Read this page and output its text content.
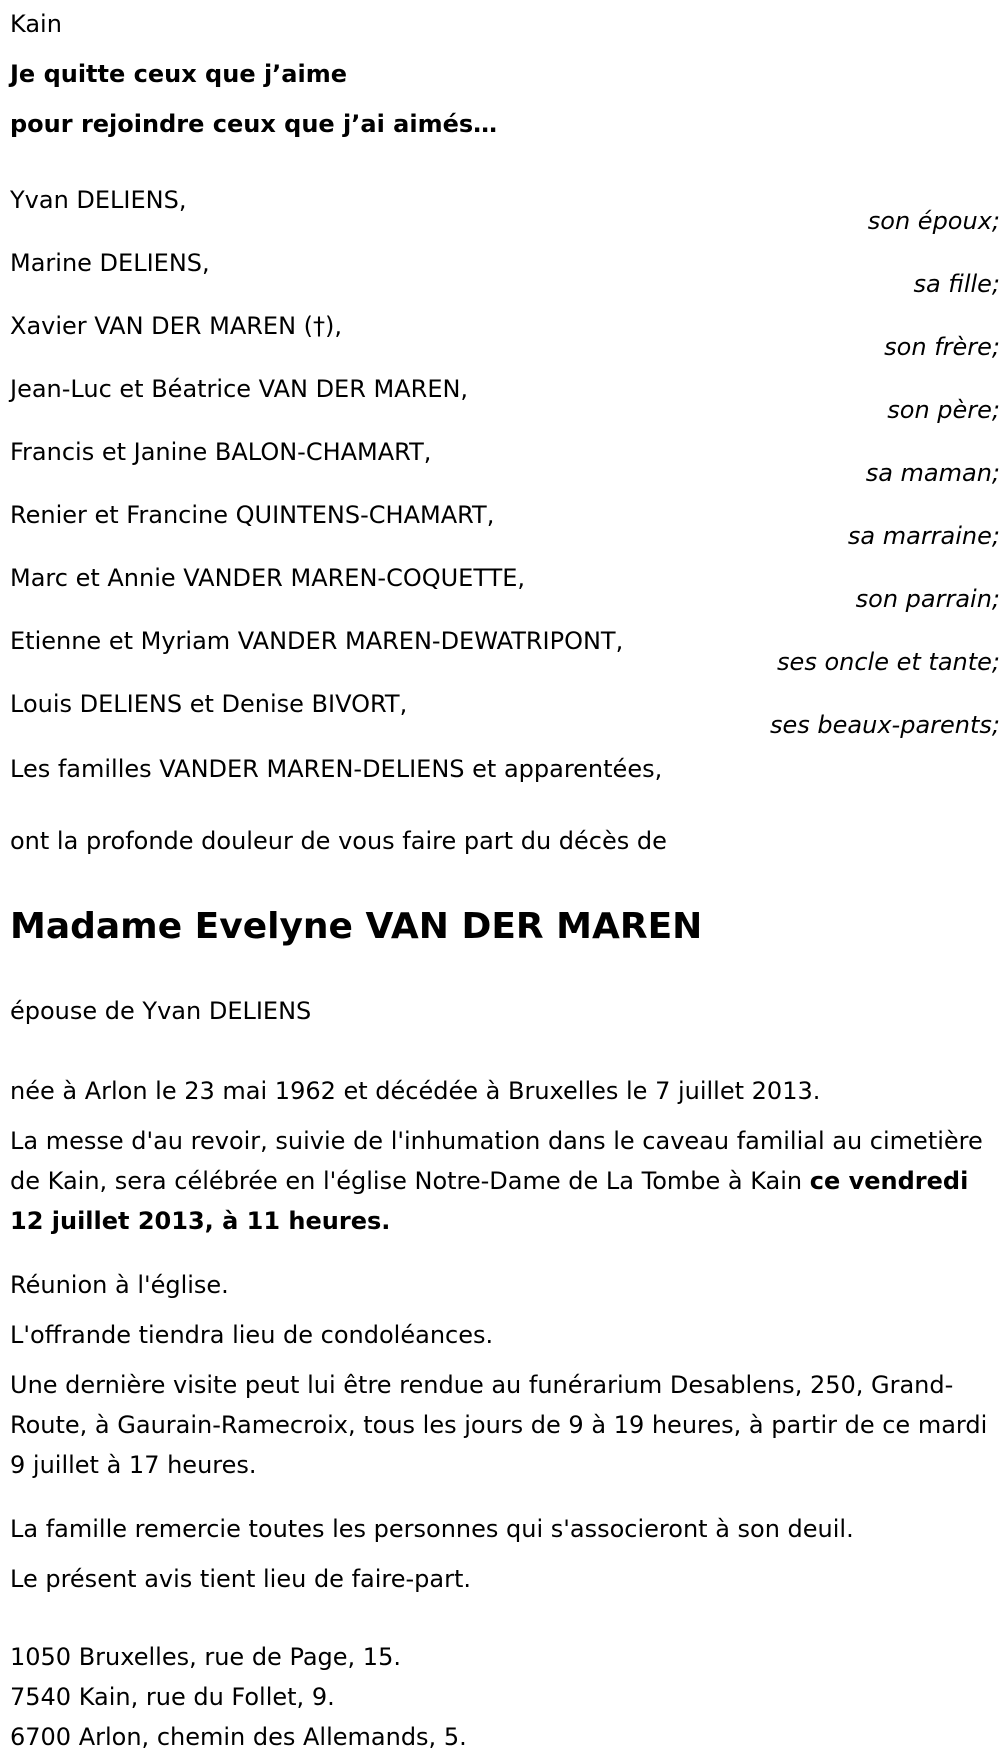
Kain

Je quitte ceux que j’aime

pour rejoindre ceux que j’ai aimés…

Yvan DELIENS,
son époux;
Marine DELIENS,
sa fille;
Xavier VAN DER MAREN (†),
son frère;
Jean-Luc et Béatrice VAN DER MAREN,
son père;
Francis et Janine BALON-CHAMART,
sa maman;
Renier et Francine QUINTENS-CHAMART,
sa marraine;
Marc et Annie VANDER MAREN-COQUETTE,
son parrain;
Etienne et Myriam VANDER MAREN-DEWATRIPONT,
ses oncle et tante;
Louis DELIENS et Denise BIVORT,
ses beaux-parents;

Les familles VANDER MAREN-DELIENS et apparentées,

ont la profonde douleur de vous faire part du décès de

Madame Evelyne VAN DER MAREN

épouse de Yvan DELIENS

née à Arlon le 23 mai 1962 et décédée à Bruxelles le 7 juillet 2013.

La messe d'au revoir, suivie de l'inhumation dans le caveau familial au cimetière de Kain, sera célébrée en l'église Notre-Dame de La Tombe à Kain ce vendredi 12 juillet 2013, à 11 heures.

Réunion à l'église.

L'offrande tiendra lieu de condoléances.

Une dernière visite peut lui être rendue au funérarium Desablens, 250, Grand-Route, à Gaurain-Ramecroix, tous les jours de 9 à 19 heures, à partir de ce mardi 9 juillet à 17 heures.

La famille remercie toutes les personnes qui s'associeront à son deuil.

Le présent avis tient lieu de faire-part.

1050 Bruxelles, rue de Page, 15.

7540 Kain, rue du Follet, 9.

6700 Arlon, chemin des Allemands, 5.
